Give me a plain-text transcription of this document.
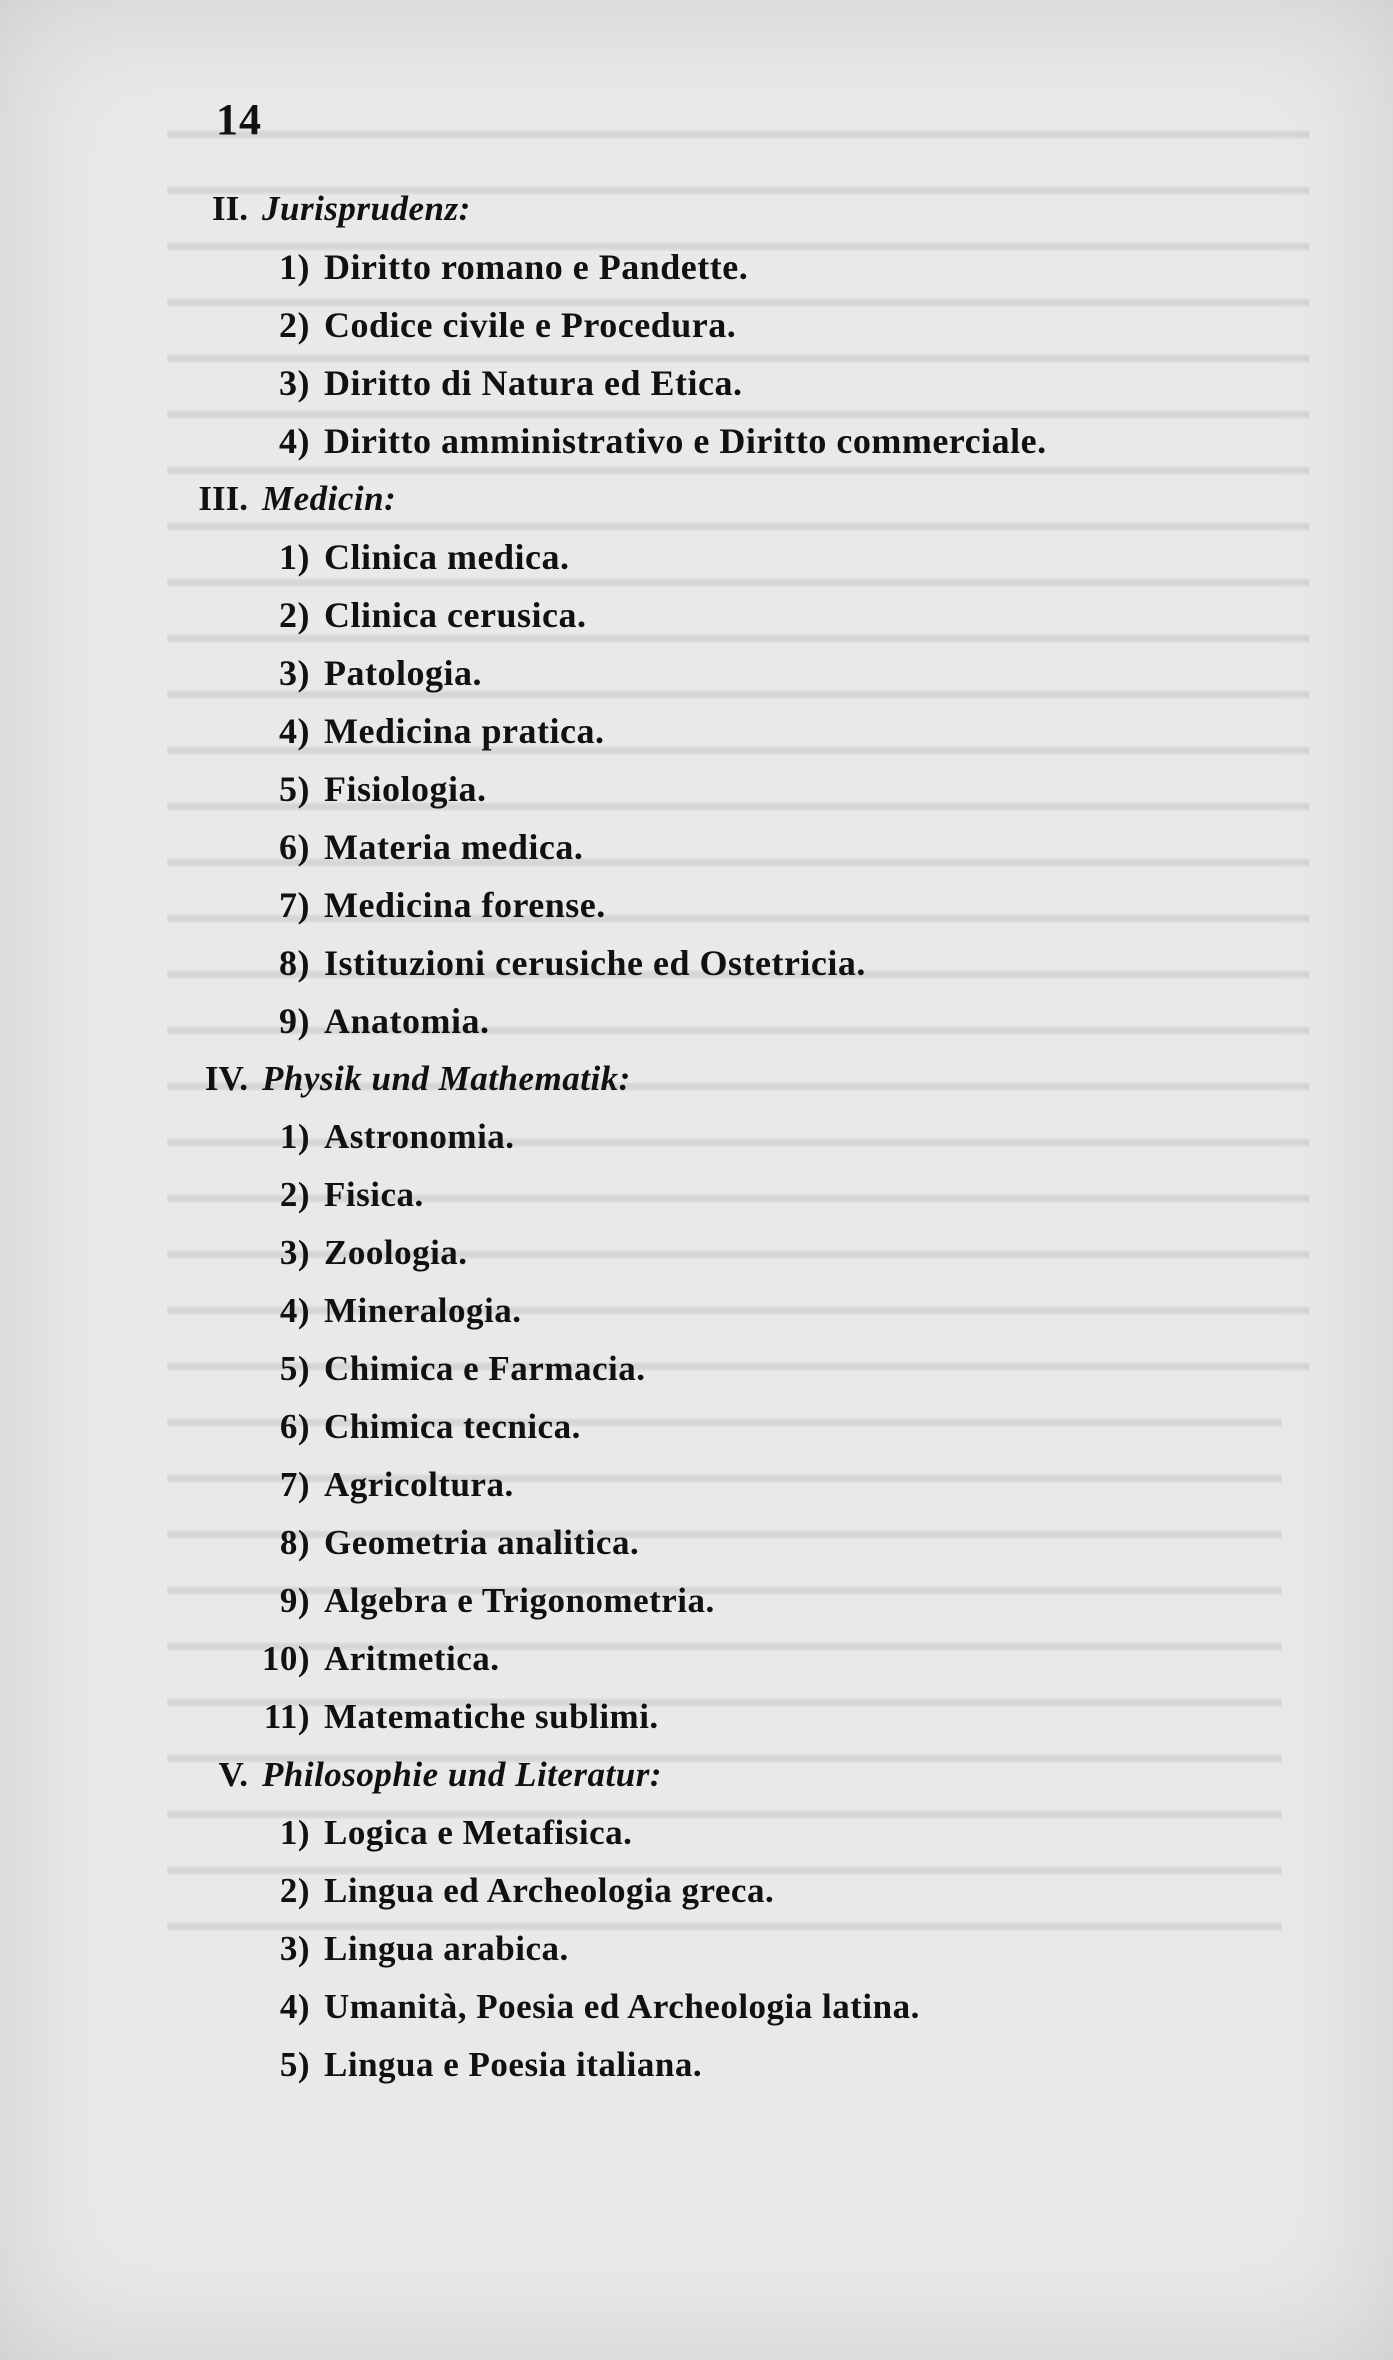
14
II. Jurisprudenz:
1) Diritto romano e Pandette.
2) Codice civile e Procedura.
3) Diritto di Natura ed Etica.
4) Diritto amministrativo e Diritto commerciale.
III. Medicin:
1) Clinica medica.
2) Clinica cerusica.
3) Patologia.
4) Medicina pratica.
5) Fisiologia.
6) Materia medica.
7) Medicina forense.
8) Istituzioni cerusiche ed Ostetricia.
9) Anatomia.
IV. Physik und Mathematik:
1) Astronomia.
2) Fisica.
3) Zoologia.
4) Mineralogia.
5) Chimica e Farmacia.
6) Chimica tecnica.
7) Agricoltura.
8) Geometria analitica.
9) Algebra e Trigonometria.
10) Aritmetica.
11) Matematiche sublimi.
V. Philosophie und Literatur:
1) Logica e Metafisica.
2) Lingua ed Archeologia greca.
3) Lingua arabica.
4) Umanità, Poesia ed Archeologia latina.
5) Lingua e Poesia italiana.
